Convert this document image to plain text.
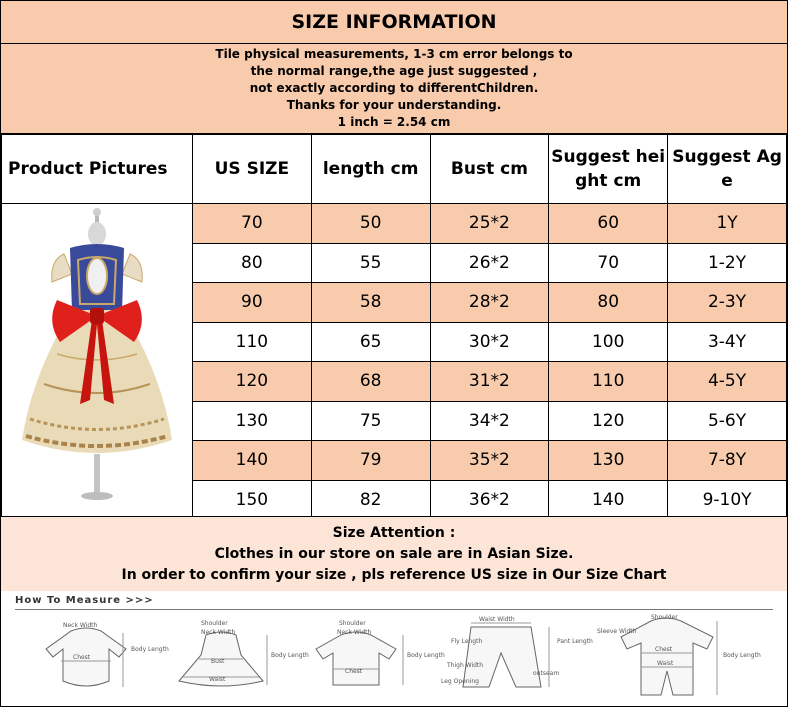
SIZE INFORMATION
Tile physical measurements, 1-3 cm error belongs to
the normal range,the age just suggested ,
not exactly according to differentChildren.
Thanks for your understanding.
1 inch = 2.54 cm
Product Pictures	US SIZE	length cm	Bust cm	Suggest hei ght cm	Suggest Ag e
	70	50	25*2	60	1Y
	80	55	26*2	70	1-2Y
	90	58	28*2	80	2-3Y
	110	65	30*2	100	3-4Y
	120	68	31*2	110	4-5Y
	130	75	34*2	120	5-6Y
	140	79	35*2	130	7-8Y
	150	82	36*2	140	9-10Y
Size Attention :
Clothes in our store on sale are in Asian Size.
In order to confirm your size , pls reference US size in Our Size Chart
How To Measure >>>
Neck Width
Chest
Body Length
Shoulder
Neck Width
Bust
Waist
Body Length
Shoulder
Neck Width
Chest
Body Length
Waist Width
Fly Length
Thigh Width
Leg Opening
Pant Length
outseam
Shoulder
Sleeve Width
Chest
Waist
Body Length
